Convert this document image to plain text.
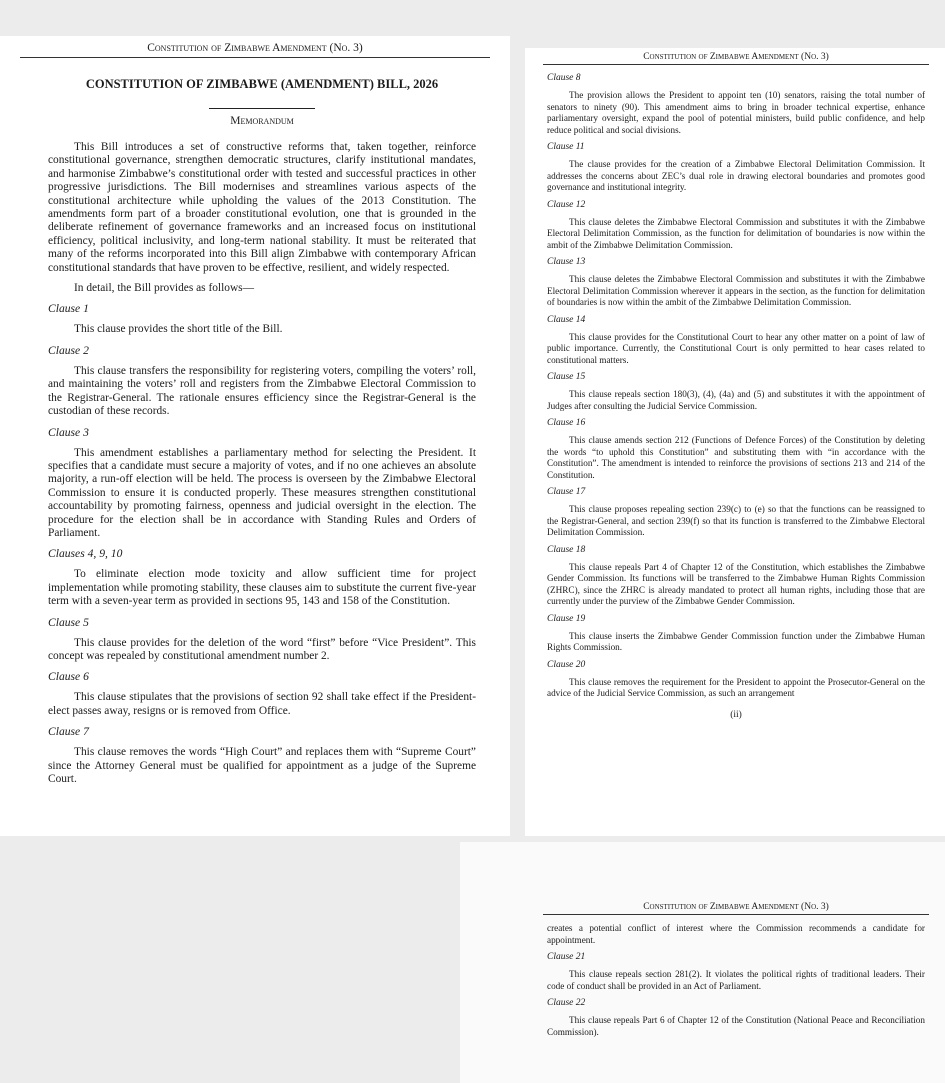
Constitution of Zimbabwe Amendment (No. 3)
CONSTITUTION OF ZIMBABWE (AMENDMENT) BILL, 2026
Memorandum

This Bill introduces a set of constructive reforms that, taken together, reinforce constitutional governance, strengthen democratic structures, clarify institutional mandates, and harmonise Zimbabwe’s constitutional order with tested and successful practices in other progressive jurisdictions. The Bill modernises and streamlines various aspects of the constitutional architecture while upholding the values of the 2013 Constitution. The amendments form part of a broader constitutional evolution, one that is grounded in the deliberate refinement of governance frameworks and an increased focus on institutional efficiency, political inclusivity, and long-term national stability. It must be reiterated that many of the reforms incorporated into this Bill align Zimbabwe with contemporary African constitutional standards that have proven to be effective, resilient, and widely respected.

In detail, the Bill provides as follows—

Clause 1

This clause provides the short title of the Bill.

Clause 2

This clause transfers the responsibility for registering voters, compiling the voters’ roll, and maintaining the voters’ roll and registers from the Zimbabwe Electoral Commission to the Registrar-General. The rationale ensures efficiency since the Registrar-General is the custodian of these records.

Clause 3

This amendment establishes a parliamentary method for selecting the President. It specifies that a candidate must secure a majority of votes, and if no one achieves an absolute majority, a run-off election will be held. The process is overseen by the Zimbabwe Electoral Commission to ensure it is conducted properly. These measures strengthen constitutional accountability by promoting fairness, openness and judicial oversight in the election. The procedure for the election shall be in accordance with Standing Rules and Orders of Parliament.

Clauses 4, 9, 10

To eliminate election mode toxicity and allow sufficient time for project implementation while promoting stability, these clauses aim to substitute the current five-year term with a seven-year term as provided in sections 95, 143 and 158 of the Constitution.

Clause 5

This clause provides for the deletion of the word “first” before “Vice President”. This concept was repealed by constitutional amendment number 2.

Clause 6

This clause stipulates that the provisions of section 92 shall take effect if the President-elect passes away, resigns or is removed from Office.

Clause 7

This clause removes the words “High Court” and replaces them with “Supreme Court” since the Attorney General must be qualified for appointment as a judge of the Supreme Court.

Constitution of Zimbabwe Amendment (No. 3)
Clause 8

The provision allows the President to appoint ten (10) senators, raising the total number of senators to ninety (90). This amendment aims to bring in broader technical expertise, enhance parliamentary oversight, expand the pool of potential ministers, build public confidence, and help reduce political and social divisions.

Clause 11

The clause provides for the creation of a Zimbabwe Electoral Delimitation Commission. It addresses the concerns about ZEC’s dual role in drawing electoral boundaries and promotes good governance and institutional integrity.

Clause 12

This clause deletes the Zimbabwe Electoral Commission and substitutes it with the Zimbabwe Electoral Delimitation Commission, as the function for delimitation of boundaries is now within the ambit of the Zimbabwe Delimitation Commission.

Clause 13

This clause deletes the Zimbabwe Electoral Commission and substitutes it with the Zimbabwe Electoral Delimitation Commission wherever it appears in the section, as the function for delimitation of boundaries is now within the ambit of the Zimbabwe Delimitation Commission.

Clause 14

This clause provides for the Constitutional Court to hear any other matter on a point of law of public importance. Currently, the Constitutional Court is only permitted to hear cases related to constitutional matters.

Clause 15

This clause repeals section 180(3), (4), (4a) and (5) and substitutes it with the appointment of Judges after consulting the Judicial Service Commission.

Clause 16

This clause amends section 212 (Functions of Defence Forces) of the Constitution by deleting the words “to uphold this Constitution” and substituting them with “in accordance with the Constitution”. The amendment is intended to reinforce the provisions of sections 213 and 214 of the Constitution.

Clause 17

This clause proposes repealing section 239(c) to (e) so that the functions can be reassigned to the Registrar-General, and section 239(f) so that its function is transferred to the Zimbabwe Electoral Delimitation Commission.

Clause 18

This clause repeals Part 4 of Chapter 12 of the Constitution, which establishes the Zimbabwe Gender Commission. Its functions will be transferred to the Zimbabwe Human Rights Commission (ZHRC), since the ZHRC is already mandated to protect all human rights, including those that are currently under the purview of the Zimbabwe Gender Commission.

Clause 19

This clause inserts the Zimbabwe Gender Commission function under the Zimbabwe Human Rights Commission.

Clause 20

This clause removes the requirement for the President to appoint the Prosecutor-General on the advice of the Judicial Service Commission, as such an arrangement

(ii)
Constitution of Zimbabwe Amendment (No. 3)

creates a potential conflict of interest where the Commission recommends a candidate for appointment.

Clause 21

This clause repeals section 281(2). It violates the political rights of traditional leaders. Their code of conduct shall be provided in an Act of Parliament.

Clause 22

This clause repeals Part 6 of Chapter 12 of the Constitution (National Peace and Reconciliation Commission).
